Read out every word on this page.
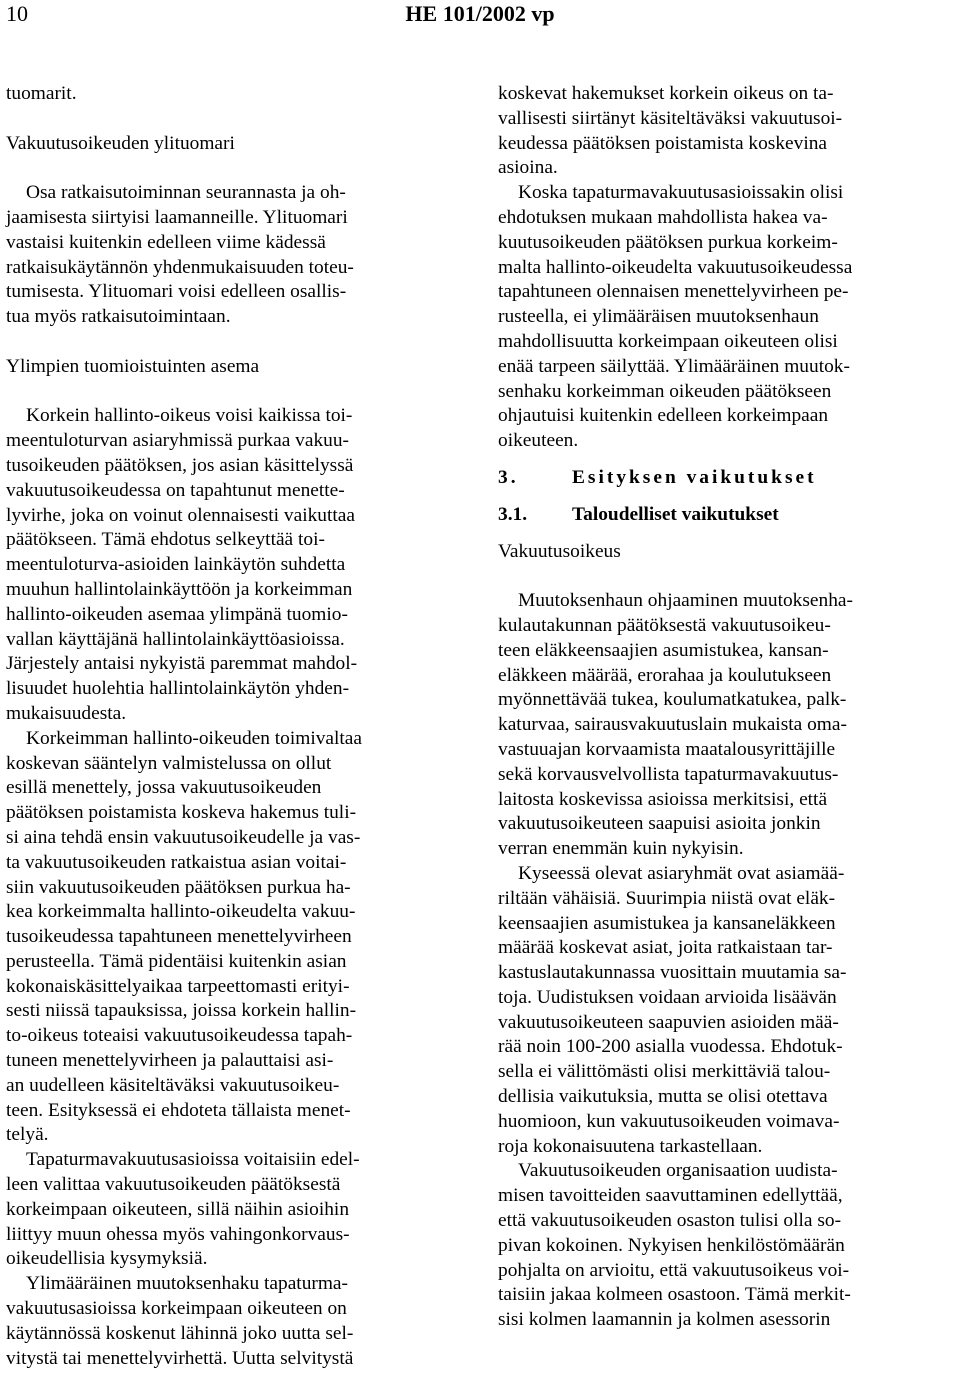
10	HE 101/2002 vp

tuomarit.

Vakuutusoikeuden ylituomari

Osa ratkaisutoiminnan seurannasta ja oh-
jaamisesta siirtyisi laamanneille. Ylituomari
vastaisi kuitenkin edelleen viime kädessä
ratkaisukäytännön yhdenmukaisuuden toteu-
tumisesta. Ylituomari voisi edelleen osallis-
tua myös ratkaisutoimintaan.

Ylimpien tuomioistuinten asema

Korkein hallinto-oikeus voisi kaikissa toi-
meentuloturvan asiaryhmissä purkaa vakuu-
tusoikeuden päätöksen, jos asian käsittelyssä
vakuutusoikeudessa on tapahtunut menette-
lyvirhe, joka on voinut olennaisesti vaikuttaa
päätökseen. Tämä ehdotus selkeyttää toi-
meentuloturva-asioiden lainkäytön suhdetta
muuhun hallintolainkäyttöön ja korkeimman
hallinto-oikeuden asemaa ylimpänä tuomio-
vallan käyttäjänä hallintolainkäyttöasioissa.
Järjestely antaisi nykyistä paremmat mahdol-
lisuudet huolehtia hallintolainkäytön yhden-
mukaisuudesta.

Korkeimman hallinto-oikeuden toimivaltaa
koskevan sääntelyn valmistelussa on ollut
esillä menettely, jossa vakuutusoikeuden
päätöksen poistamista koskeva hakemus tuli-
si aina tehdä ensin vakuutusoikeudelle ja vas-
ta vakuutusoikeuden ratkaistua asian voitai-
siin vakuutusoikeuden päätöksen purkua ha-
kea korkeimmalta hallinto-oikeudelta vakuu-
tusoikeudessa tapahtuneen menettelyvirheen
perusteella. Tämä pidentäisi kuitenkin asian
kokonaiskäsittelyaikaa tarpeettomasti erityi-
sesti niissä tapauksissa, joissa korkein hallin-
to-oikeus toteaisi vakuutusoikeudessa tapah-
tuneen menettelyvirheen ja palauttaisi asi-
an uudelleen käsiteltäväksi vakuutusoikeu-
teen. Esityksessä ei ehdoteta tällaista menet-
telyä.

Tapaturmavakuutusasioissa voitaisiin edel-
leen valittaa vakuutusoikeuden päätöksestä
korkeimpaan oikeuteen, sillä näihin asioihin
liittyy muun ohessa myös vahingonkorvaus-
oikeudellisia kysymyksiä.

Ylimääräinen muutoksenhaku tapaturma-
vakuutusasioissa korkeimpaan oikeuteen on
käytännössä koskenut lähinnä joko uutta sel-
vitystä tai menettelyvirhettä. Uutta selvitystä

koskevat hakemukset korkein oikeus on ta-
vallisesti siirtänyt käsiteltäväksi vakuutusoi-
keudessa päätöksen poistamista koskevina
asioina.

Koska tapaturmavakuutusasioissakin olisi
ehdotuksen mukaan mahdollista hakea va-
kuutusoikeuden päätöksen purkua korkeim-
malta hallinto-oikeudelta vakuutusoikeudessa
tapahtuneen olennaisen menettelyvirheen pe-
rusteella, ei ylimääräisen muutoksenhaun
mahdollisuutta korkeimpaan oikeuteen olisi
enää tarpeen säilyttää. Ylimääräinen muutok-
senhaku korkeimman oikeuden päätökseen
ohjautuisi kuitenkin edelleen korkeimpaan
oikeuteen.

3.	Esityksen vaikutukset

3.1. Taloudelliset vaikutukset

Vakuutusoikeus

Muutoksenhaun ohjaaminen muutoksenha-
kulautakunnan päätöksestä vakuutusoikeu-
teen eläkkeensaajien asumistukea, kansan-
eläkkeen määrää, erorahaa ja koulutukseen
myönnettävää tukea, koulumatkatukea, palk-
katurvaa, sairausvakuutuslain mukaista oma-
vastuuajan korvaamista maatalousyrittäjille
sekä korvausvelvollista tapaturmavakuutus-
laitosta koskevissa asioissa merkitsisi, että
vakuutusoikeuteen saapuisi asioita jonkin
verran enemmän kuin nykyisin.

Kyseessä olevat asiaryhmät ovat asiamää-
riltään vähäisiä. Suurimpia niistä ovat eläk-
keensaajien asumistukea ja kansaneläkkeen
määrää koskevat asiat, joita ratkaistaan tar-
kastuslautakunnassa vuosittain muutamia sa-
toja. Uudistuksen voidaan arvioida lisäävän
vakuutusoikeuteen saapuvien asioiden mää-
rää noin 100-200 asialla vuodessa. Ehdotuk-
sella ei välittömästi olisi merkittäviä talou-
dellisia vaikutuksia, mutta se olisi otettava
huomioon, kun vakuutusoikeuden voimava-
roja kokonaisuutena tarkastellaan.

Vakuutusoikeuden organisaation uudista-
misen tavoitteiden saavuttaminen edellyttää,
että vakuutusoikeuden osaston tulisi olla so-
pivan kokoinen. Nykyisen henkilöstömäärän
pohjalta on arvioitu, että vakuutusoikeus voi-
taisiin jakaa kolmeen osastoon. Tämä merkit-
sisi kolmen laamannin ja kolmen asessorin
